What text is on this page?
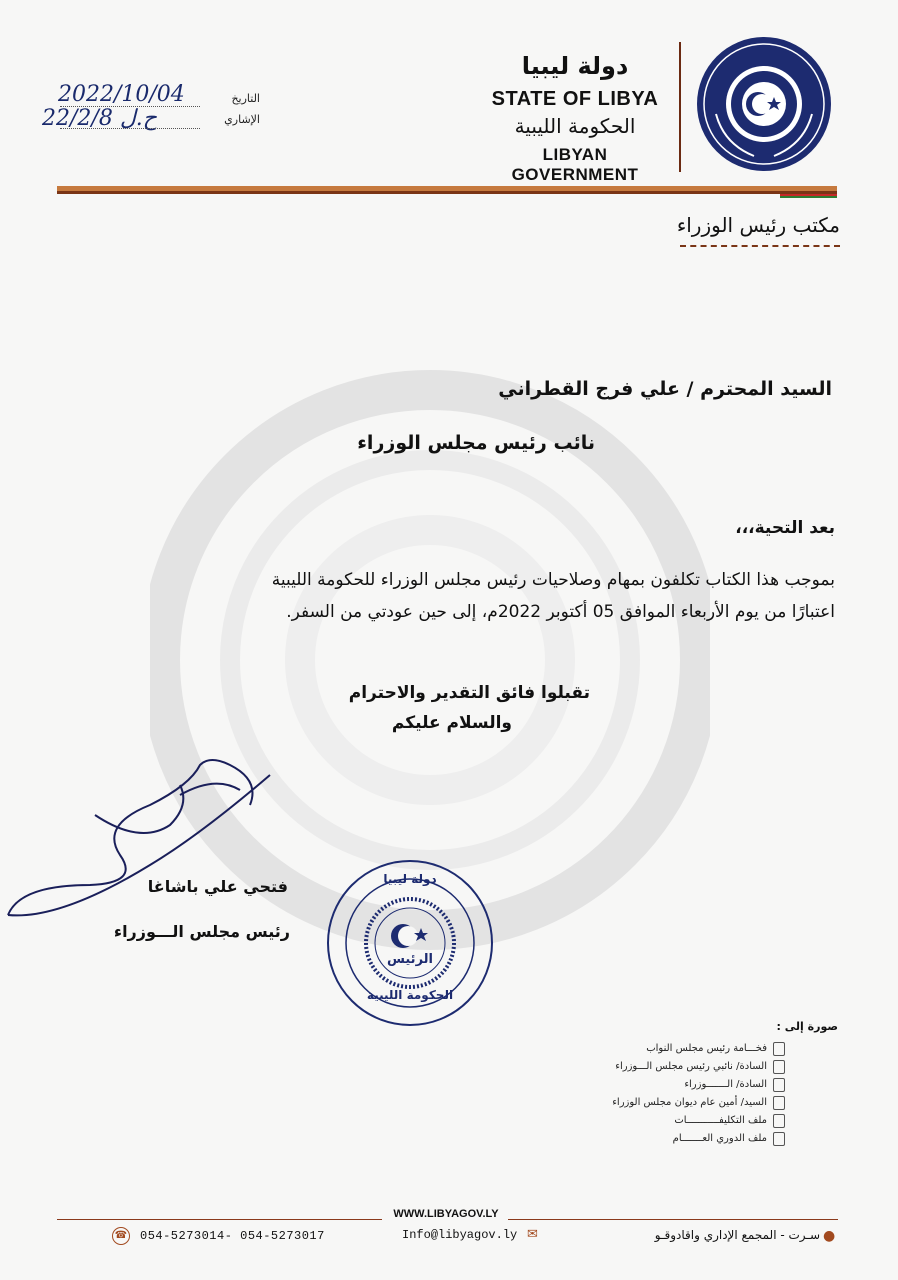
دولة ليبيا
STATE OF LIBYA
الحكومة الليبية
LIBYAN GOVERNMENT
التاريخ
2022/10/04
الإشاري
22/2/8 ح.ل
مكتب رئيس الوزراء
السيد المحترم / علي فرج القطراني
نائب رئيس مجلس الوزراء
بعد التحية،،،
بموجب هذا الكتاب تكلفون بمهام وصلاحيات رئيس مجلس الوزراء للحكومة الليبية
اعتبارًا من يوم الأربعاء الموافق 05 أكتوبر 2022م، إلى حين عودتي من السفر.
تقبلوا فائق التقدير والاحترام
والسلام عليكم
فتحي علي باشاغا
رئيس مجلس الـــوزراء
دولة ليبيا
الرئيس
الحكومة الليبية
صورة إلى :
فخـــامة رئيس مجلس النواب
السادة/ نائبي رئيس مجلس الـــوزراء
السادة/ الـــــــوزراء
السيد/ أمين عام ديوان مجلس الوزراء
ملف التكليفـــــــــــات
ملف الدوري العـــــــام
WWW.LIBYAGOV.LY
●
سـرت - المجمع الإداري واقادوقـو
✉
Info@libyagov.ly
☎ 054-5273014- 054-5273017
